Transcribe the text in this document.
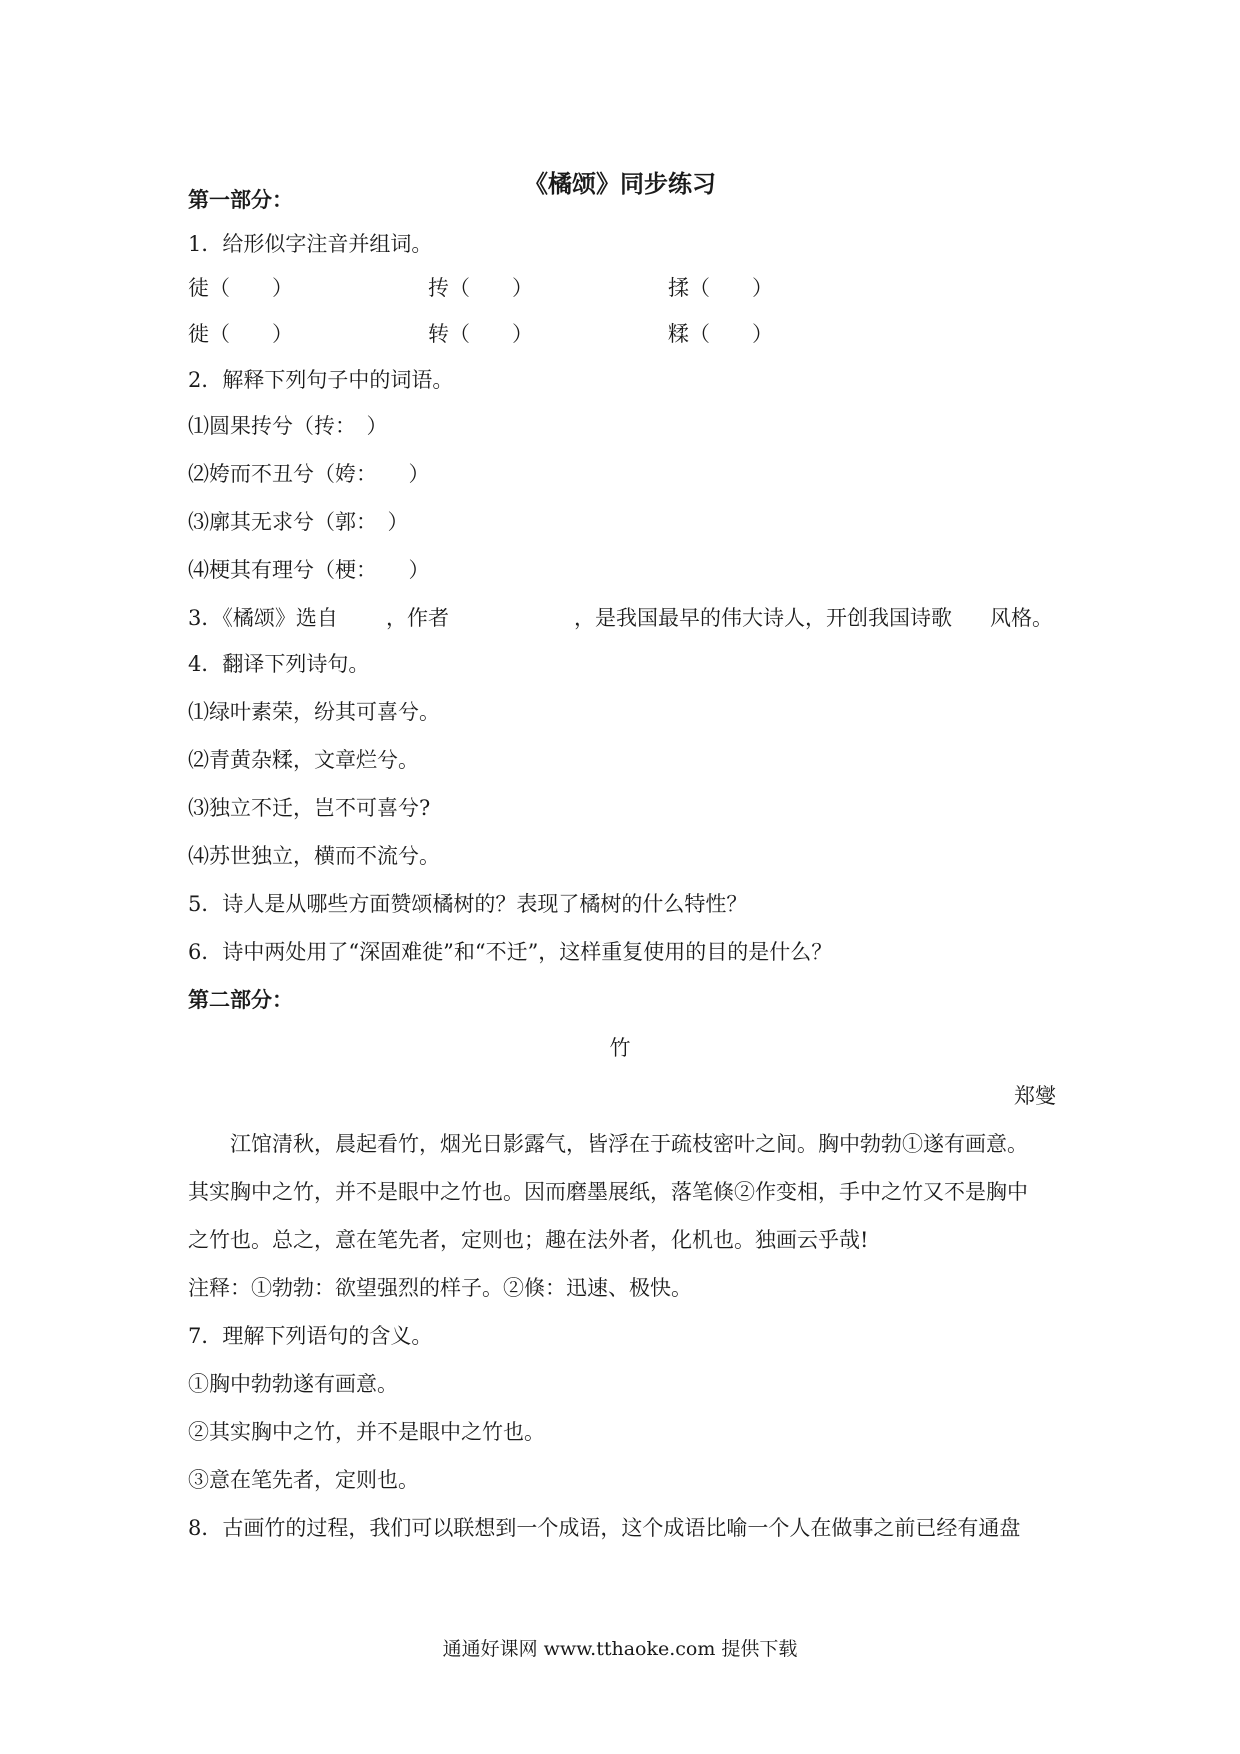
《橘颂》同步练习
第一部分：
1．给形似字注音并组词。
徒（　　）	抟（　　）	揉（　　）
徙（　　）	转（　　）	糅（　　）
2．解释下列句子中的词语。
⑴圆果抟兮（抟：　）
⑵姱而不丑兮（姱：　　）
⑶廓其无求兮（郭：　）
⑷梗其有理兮（梗：　　）
3．《橘颂》选自 ，作者	，是我国最早的伟大诗人，开创我国诗歌 风格。
4．翻译下列诗句。
⑴绿叶素荣，纷其可喜兮。
⑵青黄杂糅，文章烂兮。
⑶独立不迁，岂不可喜兮?
⑷苏世独立，横而不流兮。
5．诗人是从哪些方面赞颂橘树的？表现了橘树的什么特性？
6．诗中两处用了“深固难徙”和“不迁”，这样重复使用的目的是什么？
第二部分：
竹
郑燮
江馆清秋，晨起看竹，烟光日影露气，皆浮在于疏枝密叶之间。胸中勃勃①遂有画意。
其实胸中之竹，并不是眼中之竹也。因而磨墨展纸，落笔倏②作变相，手中之竹又不是胸中
之竹也。总之，意在笔先者，定则也；趣在法外者，化机也。独画云乎哉!
注释：①勃勃：欲望强烈的样子。②倏：迅速、极快。
7．理解下列语句的含义。
①胸中勃勃遂有画意。
②其实胸中之竹，并不是眼中之竹也。
③意在笔先者，定则也。
8．古画竹的过程，我们可以联想到一个成语，这个成语比喻一个人在做事之前已经有通盘
通通好课网 www.tthaoke.com 提供下载
